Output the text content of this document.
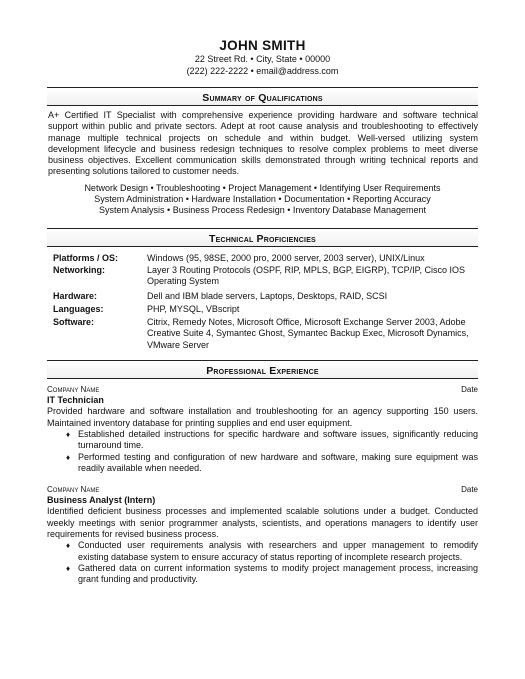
JOHN SMITH
22 Street Rd. • City, State • 00000
(222) 222-2222 • email@address.com
Summary of Qualifications
A+ Certified IT Specialist with comprehensive experience providing hardware and software technical support within public and private sectors. Adept at root cause analysis and troubleshooting to effectively manage multiple technical projects on schedule and within budget. Well-versed utilizing system development lifecycle and business redesign techniques to resolve complex problems to meet diverse business objectives. Excellent communication skills demonstrated through writing technical reports and presenting solutions tailored to customer needs.
Network Design • Troubleshooting • Project Management • Identifying User Requirements
System Administration • Hardware Installation • Documentation • Reporting Accuracy
System Analysis • Business Process Redesign • Inventory Database Management
Technical Proficiencies
Platforms / OS:	Windows (95, 98SE, 2000 pro, 2000 server, 2003 server), UNIX/Linux
Networking:	Layer 3 Routing Protocols (OSPF, RIP, MPLS, BGP, EIGRP), TCP/IP, Cisco IOS Operating System
Hardware:	Dell and IBM blade servers, Laptops, Desktops, RAID, SCSI
Languages:	PHP, MYSQL, VBscript
Software:	Citrix, Remedy Notes, Microsoft Office, Microsoft Exchange Server 2003, Adobe Creative Suite 4, Symantec Ghost, Symantec Backup Exec, Microsoft Dynamics, VMware Server
Professional Experience
Company Name	Date
IT Technician
Provided hardware and software installation and troubleshooting for an agency supporting 150 users. Maintained inventory database for printing supplies and end user equipment.
♦ Established detailed instructions for specific hardware and software issues, significantly reducing turnaround time.
♦ Performed testing and configuration of new hardware and software, making sure equipment was readily available when needed.
Company Name	Date
Business Analyst (Intern)
Identified deficient business processes and implemented scalable solutions under a budget. Conducted weekly meetings with senior programmer analysts, scientists, and operations managers to identify user requirements for revised business process.
♦ Conducted user requirements analysis with researchers and upper management to remodify existing database system to ensure accuracy of status reporting of incomplete research projects.
♦ Gathered data on current information systems to modify project management process, increasing grant funding and productivity.
